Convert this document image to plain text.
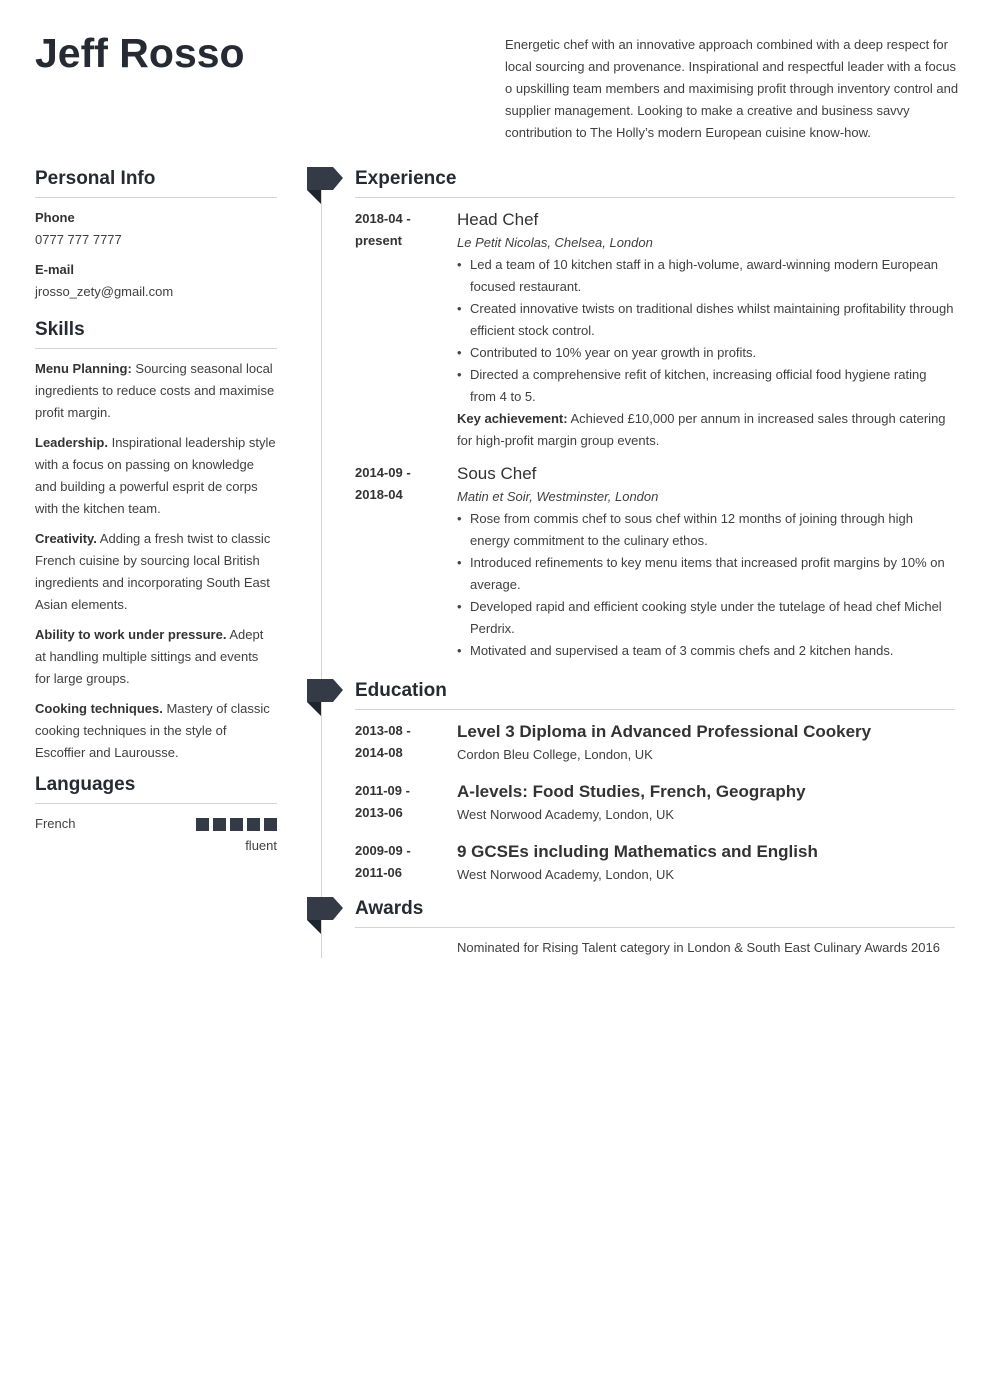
Jeff Rosso	Energetic chef with an innovative approach combined with a deep respect for local sourcing and provenance. Inspirational and respectful leader with a focus o upskilling team members and maximising profit through inventory control and supplier management. Looking to make a creative and business savvy contribution to The Holly’s modern European cuisine know-how.
Personal Info
Phone
0777 777 7777
E-mail
jrosso_zety@gmail.com
Skills
Menu Planning: Sourcing seasonal local ingredients to reduce costs and maximise profit margin.
Leadership. Inspirational leadership style with a focus on passing on knowledge and building a powerful esprit de corps with the kitchen team.
Creativity. Adding a fresh twist to classic French cuisine by sourcing local British ingredients and incorporating South East Asian elements.
Ability to work under pressure. Adept at handling multiple sittings and events for large groups.
Cooking techniques. Mastery of classic cooking techniques in the style of Escoffier and Laurousse.
Languages
French
fluent
Experience
2018-04 -
present
Head Chef
Le Petit Nicolas, Chelsea, London
• Led a team of 10 kitchen staff in a high-volume, award-winning modern European focused restaurant.
• Created innovative twists on traditional dishes whilst maintaining profitability through efficient stock control.
• Contributed to 10% year on year growth in profits.
• Directed a comprehensive refit of kitchen, increasing official food hygiene rating from 4 to 5.
Key achievement: Achieved £10,000 per annum in increased sales through catering for high-profit margin group events.
2014-09 -
2018-04
Sous Chef
Matin et Soir, Westminster, London
• Rose from commis chef to sous chef within 12 months of joining through high energy commitment to the culinary ethos.
• Introduced refinements to key menu items that increased profit margins by 10% on average.
• Developed rapid and efficient cooking style under the tutelage of head chef Michel Perdrix.
• Motivated and supervised a team of 3 commis chefs and 2 kitchen hands.
Education
2013-08 -
2014-08
Level 3 Diploma in Advanced Professional Cookery
Cordon Bleu College, London, UK
2011-09 -
2013-06
A-levels: Food Studies, French, Geography
West Norwood Academy, London, UK
2009-09 -
2011-06
9 GCSEs including Mathematics and English
West Norwood Academy, London, UK
Awards
Nominated for Rising Talent category in London & South East Culinary Awards 2016
